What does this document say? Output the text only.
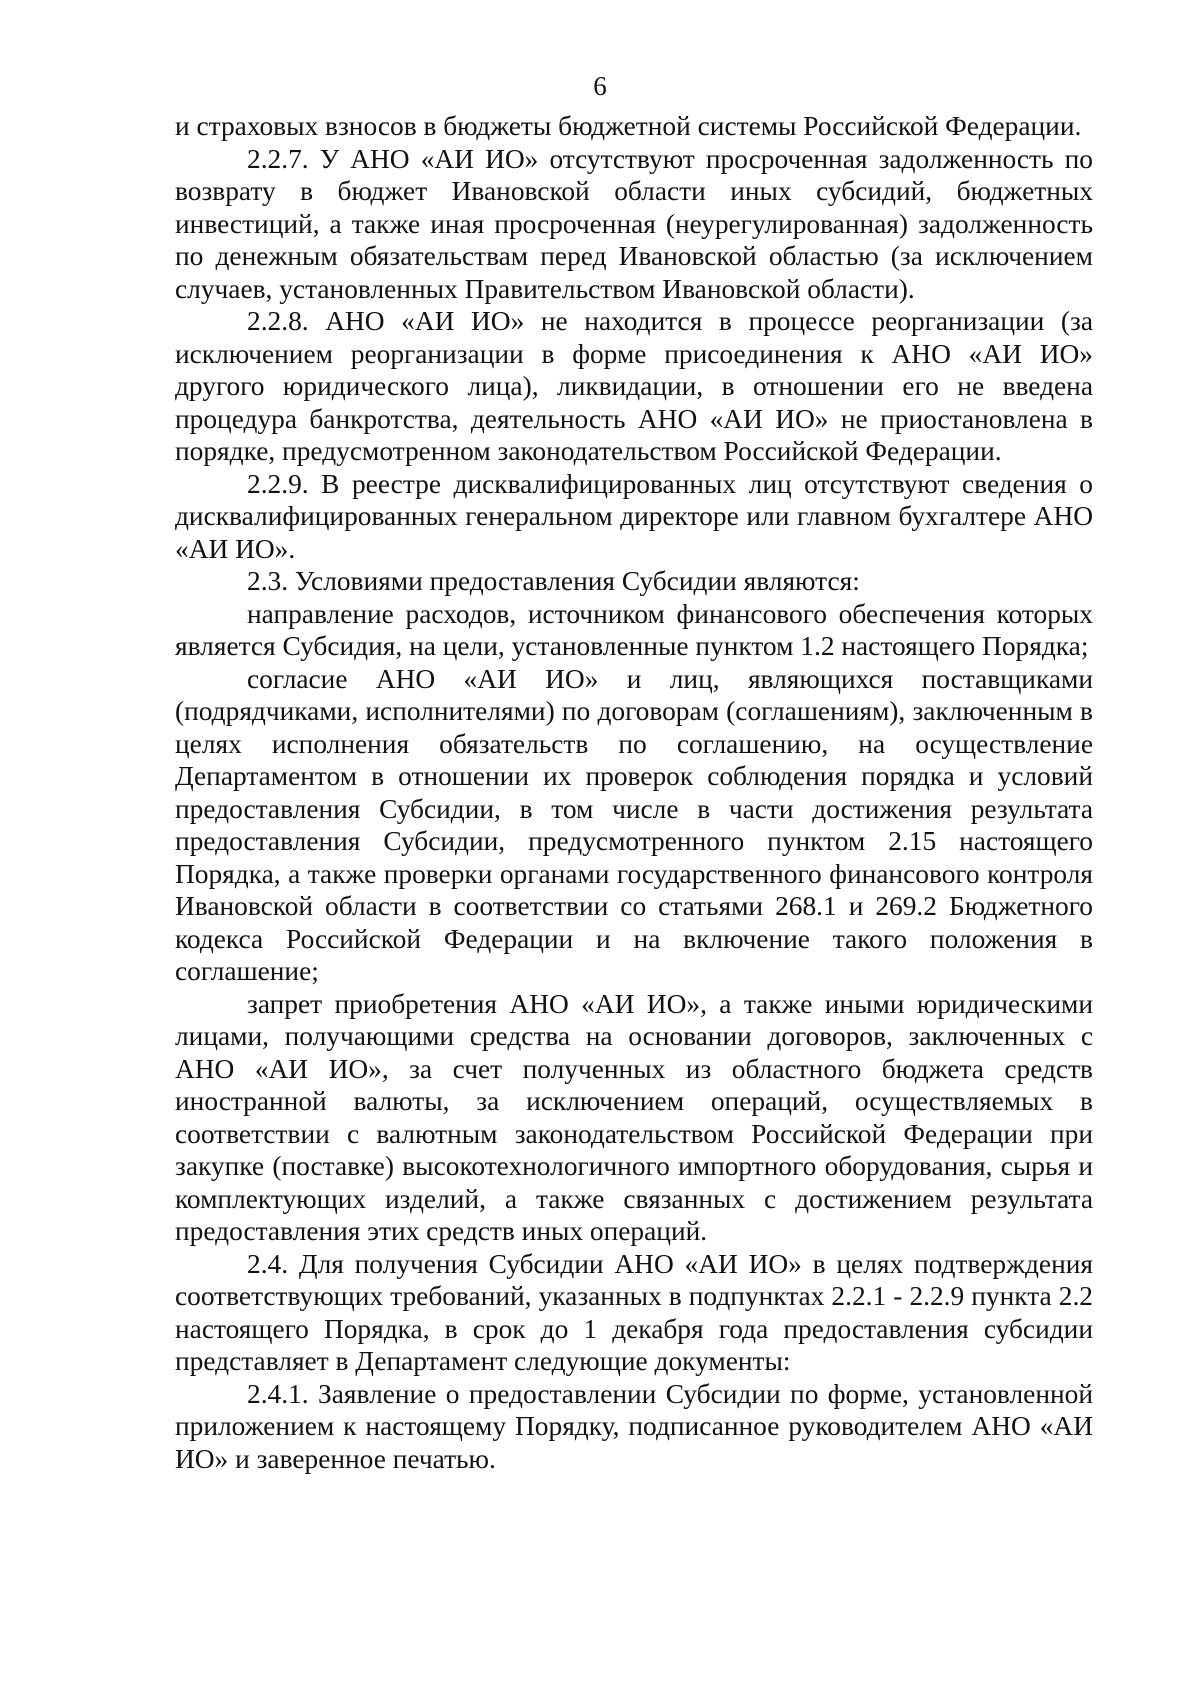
6

и страховых взносов в бюджеты бюджетной системы Российской Федерации.

2.2.7. У АНО «АИ ИО» отсутствуют просроченная задолженность по возврату в бюджет Ивановской области иных субсидий, бюджетных инвестиций, а также иная просроченная (неурегулированная) задолженность по денежным обязательствам перед Ивановской областью (за исключением случаев, установленных Правительством Ивановской области).

2.2.8. АНО «АИ ИО» не находится в процессе реорганизации (за исключением реорганизации в форме присоединения к АНО «АИ ИО» другого юридического лица), ликвидации, в отношении его не введена процедура банкротства, деятельность АНО «АИ ИО» не приостановлена в порядке, предусмотренном законодательством Российской Федерации.

2.2.9. В реестре дисквалифицированных лиц отсутствуют сведения о дисквалифицированных генеральном директоре или главном бухгалтере АНО «АИ ИО».

2.3. Условиями предоставления Субсидии являются:

направление расходов, источником финансового обеспечения которых является Субсидия, на цели, установленные пунктом 1.2 настоящего Порядка;

согласие АНО «АИ ИО» и лиц, являющихся поставщиками (подрядчиками, исполнителями) по договорам (соглашениям), заключенным в целях исполнения обязательств по соглашению, на осуществление Департаментом в отношении их проверок соблюдения порядка и условий предоставления Субсидии, в том числе в части достижения результата предоставления Субсидии, предусмотренного пунктом 2.15 настоящего Порядка, а также проверки органами государственного финансового контроля Ивановской области в соответствии со статьями 268.1 и 269.2 Бюджетного кодекса Российской Федерации и на включение такого положения в соглашение;

запрет приобретения АНО «АИ ИО», а также иными юридическими лицами, получающими средства на основании договоров, заключенных с АНО «АИ ИО», за счет полученных из областного бюджета средств иностранной валюты, за исключением операций, осуществляемых в соответствии с валютным законодательством Российской Федерации при закупке (поставке) высокотехнологичного импортного оборудования, сырья и комплектующих изделий, а также связанных с достижением результата предоставления этих средств иных операций.

2.4. Для получения Субсидии АНО «АИ ИО» в целях подтверждения соответствующих требований, указанных в подпунктах 2.2.1 - 2.2.9 пункта 2.2 настоящего Порядка, в срок до 1 декабря года предоставления субсидии представляет в Департамент следующие документы:

2.4.1. Заявление о предоставлении Субсидии по форме, установленной приложением к настоящему Порядку, подписанное руководителем АНО «АИ ИО» и заверенное печатью.
